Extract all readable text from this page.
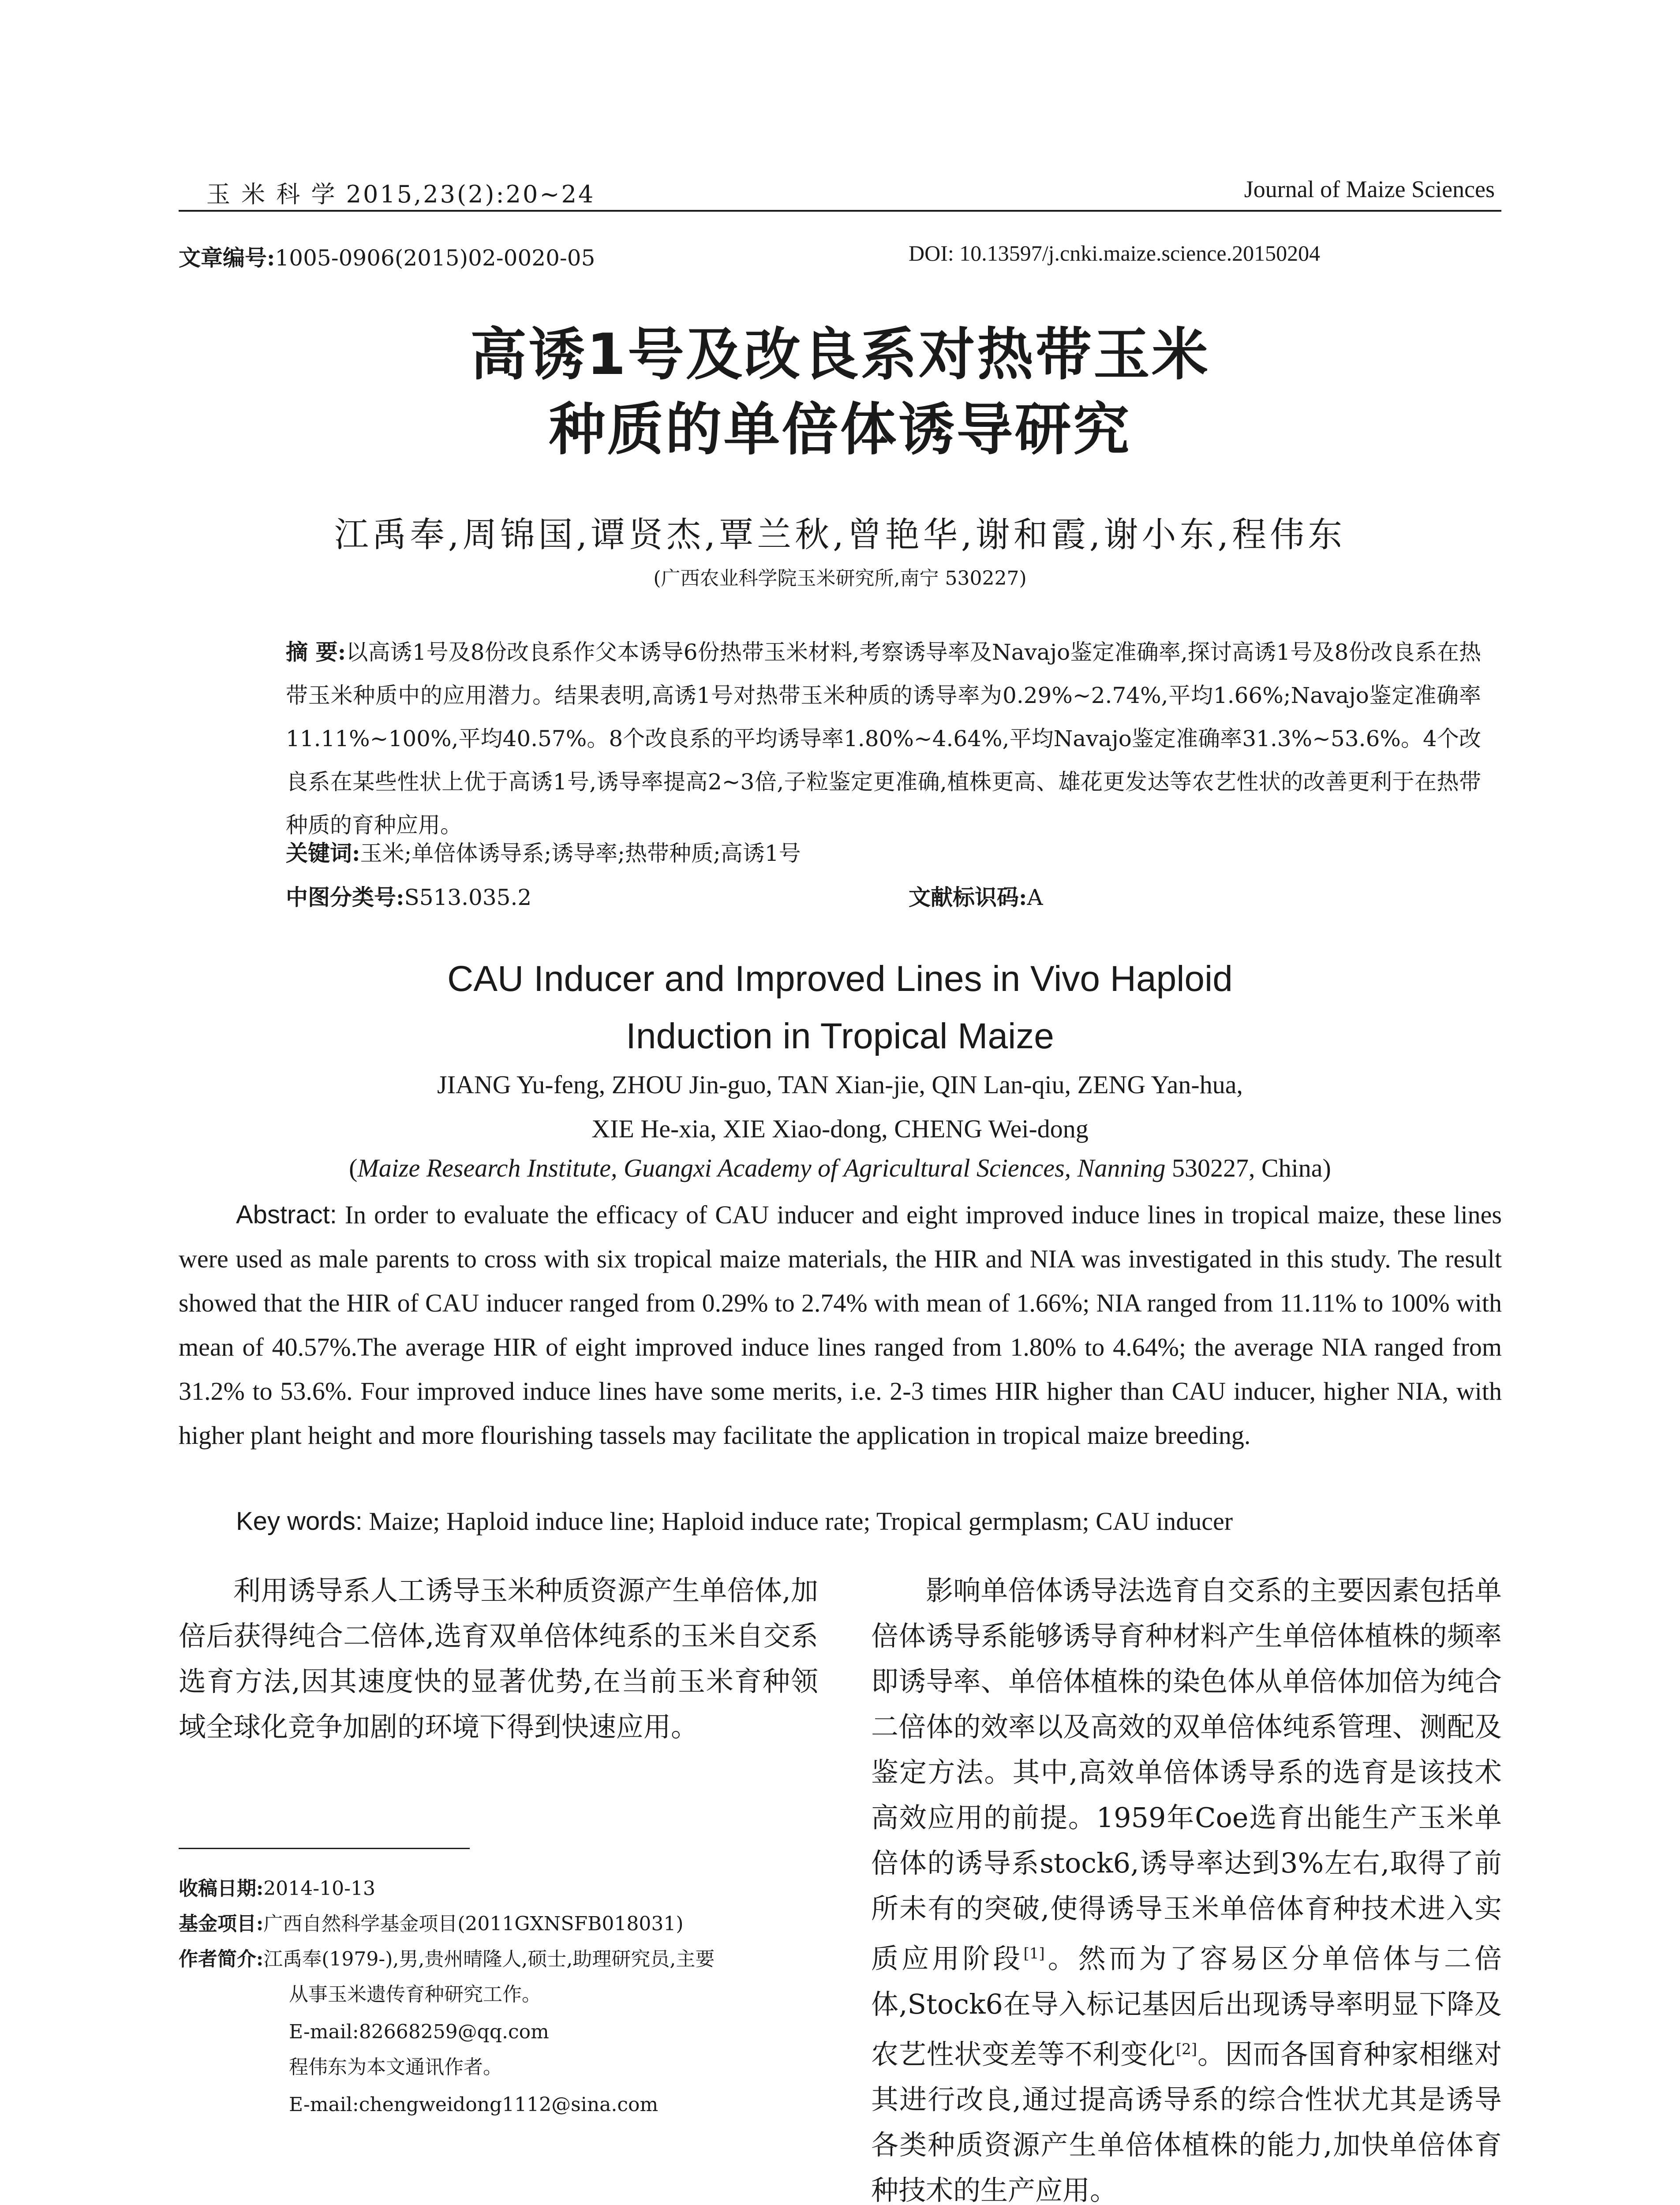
玉 米 科 学 2015,23(2):20~24	Journal of Maize Sciences
文章编号:1005-0906(2015)02-0020-05	DOI: 10.13597/j.cnki.maize.science.20150204
高诱1号及改良系对热带玉米
种质的单倍体诱导研究
江禹奉,周锦国,谭贤杰,覃兰秋,曾艳华,谢和霞,谢小东,程伟东
(广西农业科学院玉米研究所,南宁 530227)
摘 要:以高诱1号及8份改良系作父本诱导6份热带玉米材料,考察诱导率及Navajo鉴定准确率,探讨高诱1号及8份改良系在热带玉米种质中的应用潜力。结果表明,高诱1号对热带玉米种质的诱导率为0.29%~2.74%,平均1.66%;Navajo鉴定准确率11.11%~100%,平均40.57%。8个改良系的平均诱导率1.80%~4.64%,平均Navajo鉴定准确率31.3%~53.6%。4个改良系在某些性状上优于高诱1号,诱导率提高2~3倍,子粒鉴定更准确,植株更高、雄花更发达等农艺性状的改善更利于在热带种质的育种应用。
关键词:玉米;单倍体诱导系;诱导率;热带种质;高诱1号
中图分类号:S513.035.2	文献标识码:A
CAU Inducer and Improved Lines in Vivo Haploid
Induction in Tropical Maize
JIANG Yu-feng, ZHOU Jin-guo, TAN Xian-jie, QIN Lan-qiu, ZENG Yan-hua,
XIE He-xia, XIE Xiao-dong, CHENG Wei-dong
(Maize Research Institute, Guangxi Academy of Agricultural Sciences, Nanning 530227, China)
Abstract: In order to evaluate the efficacy of CAU inducer and eight improved induce lines in tropical maize, these lines were used as male parents to cross with six tropical maize materials, the HIR and NIA was investigated in this study. The result showed that the HIR of CAU inducer ranged from 0.29% to 2.74% with mean of 1.66%; NIA ranged from 11.11% to 100% with mean of 40.57%.The average HIR of eight improved induce lines ranged from 1.80% to 4.64%; the average NIA ranged from 31.2% to 53.6%. Four improved induce lines have some merits, i.e. 2-3 times HIR higher than CAU inducer, higher NIA, with higher plant height and more flourishing tassels may facilitate the application in tropical maize breeding.
Key words: Maize; Haploid induce line; Haploid induce rate; Tropical germplasm; CAU inducer
利用诱导系人工诱导玉米种质资源产生单倍体,加倍后获得纯合二倍体,选育双单倍体纯系的玉米自交系选育方法,因其速度快的显著优势,在当前玉米育种领域全球化竞争加剧的环境下得到快速应用。
收稿日期:2014-10-13
基金项目:广西自然科学基金项目(2011GXNSFB018031)
作者简介:江禹奉(1979-),男,贵州晴隆人,硕士,助理研究员,主要
从事玉米遗传育种研究工作。
E-mail:82668259@qq.com
程伟东为本文通讯作者。
E-mail:chengweidong1112@sina.com
影响单倍体诱导法选育自交系的主要因素包括单倍体诱导系能够诱导育种材料产生单倍体植株的频率即诱导率、单倍体植株的染色体从单倍体加倍为纯合二倍体的效率以及高效的双单倍体纯系管理、测配及鉴定方法。其中,高效单倍体诱导系的选育是该技术高效应用的前提。1959年Coe选育出能生产玉米单倍体的诱导系stock6,诱导率达到3%左右,取得了前所未有的突破,使得诱导玉米单倍体育种技术进入实质应用阶段[1]。然而为了容易区分单倍体与二倍体,Stock6在导入标记基因后出现诱导率明显下降及农艺性状变差等不利变化[2]。因而各国育种家相继对其进行改良,通过提高诱导系的综合性状尤其是诱导各类种质资源产生单倍体植株的能力,加快单倍体育种技术的生产应用。
